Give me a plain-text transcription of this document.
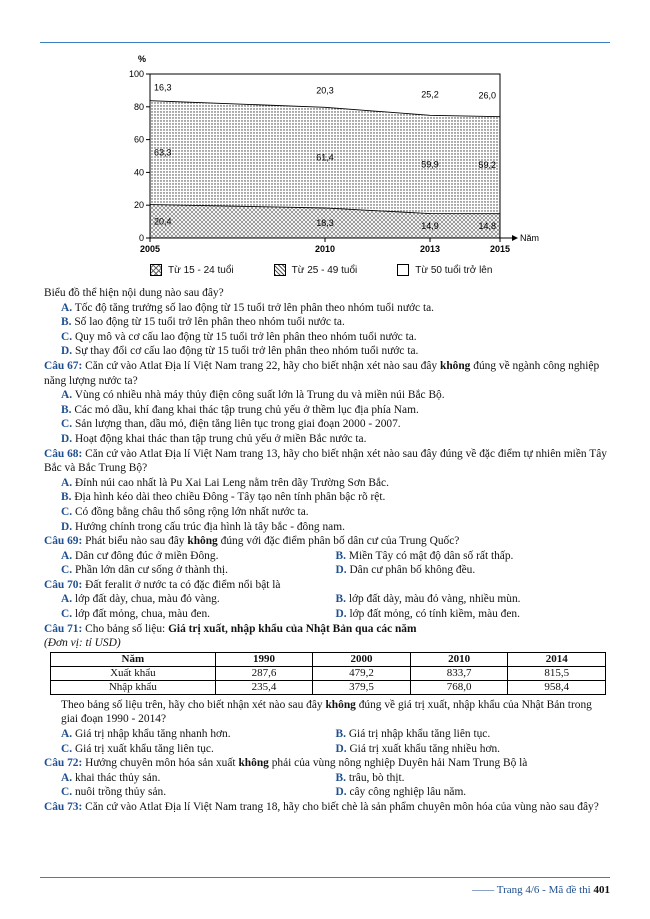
0
20
40
60
80
100
%
Năm
2005	2010	2013	2015
20,4
63,3
16,3
18,3
61,4
20,3
14,9
59,9
25,2
14,8
59,2
26,0
Từ 15 - 24 tuổi	Từ 25 - 49 tuổi	Từ 50 tuổi trở lên

Biểu đồ thể hiện nội dung nào sau đây?

A. Tốc độ tăng trưởng số lao động từ 15 tuổi trở lên phân theo nhóm tuổi nước ta.

B. Số lao động từ 15 tuổi trở lên phân theo nhóm tuổi nước ta.

C. Quy mô và cơ cấu lao động từ 15 tuổi trở lên phân theo nhóm tuổi nước ta.

D. Sự thay đổi cơ cấu lao động từ 15 tuổi trở lên phân theo nhóm tuổi nước ta.

Câu 67: Căn cứ vào Atlat Địa lí Việt Nam trang 22, hãy cho biết nhận xét nào sau đây không đúng về ngành công nghiệp năng lượng nước ta?

A. Vùng có nhiều nhà máy thủy điện công suất lớn là Trung du và miền núi Bắc Bộ.

B. Các mỏ dầu, khí đang khai thác tập trung chủ yếu ở thềm lục địa phía Nam.

C. Sản lượng than, dầu mỏ, điện tăng liên tục trong giai đoạn 2000 - 2007.

D. Hoạt động khai thác than tập trung chủ yếu ở miền Bắc nước ta.

Câu 68: Căn cứ vào Atlat Địa lí Việt Nam trang 13, hãy cho biết nhận xét nào sau đây đúng về đặc điểm tự nhiên miền Tây Bắc và Bắc Trung Bộ?

A. Đỉnh núi cao nhất là Pu Xai Lai Leng nằm trên dãy Trường Sơn Bắc.

B. Địa hình kéo dài theo chiều Đông - Tây tạo nên tính phân bậc rõ rệt.

C. Có đồng bằng châu thổ sông rộng lớn nhất nước ta.

D. Hướng chính trong cấu trúc địa hình là tây bắc - đông nam.

Câu 69: Phát biểu nào sau đây không đúng với đặc điểm phân bố dân cư của Trung Quốc?

A. Dân cư đông đúc ở miền Đông.	B. Miền Tây có mật độ dân số rất thấp.
C. Phần lớn dân cư sống ở thành thị.	D. Dân cư phân bố không đều.

Câu 70: Đất feralit ở nước ta có đặc điểm nổi bật là

A. lớp đất dày, chua, màu đỏ vàng.	B. lớp đất dày, màu đỏ vàng, nhiều mùn.
C. lớp đất mỏng, chua, màu đen.	D. lớp đất mỏng, có tính kiềm, màu đen.

Câu 71: Cho bảng số liệu: Giá trị xuất, nhập khẩu của Nhật Bản qua các năm

(Đơn vị: tỉ USD)

Năm	1990	2000	2010	2014
Xuất khẩu	287,6	479,2	833,7	815,5
Nhập khẩu	235,4	379,5	768,0	958,4

Theo bảng số liệu trên, hãy cho biết nhận xét nào sau đây không đúng về giá trị xuất, nhập khẩu của Nhật Bản trong giai đoạn 1990 - 2014?

A. Giá trị nhập khẩu tăng nhanh hơn.	B. Giá trị nhập khẩu tăng liên tục.
C. Giá trị xuất khẩu tăng liên tục.	D. Giá trị xuất khẩu tăng nhiều hơn.

Câu 72: Hướng chuyên môn hóa sản xuất không phải của vùng nông nghiệp Duyên hải Nam Trung Bộ là

A. khai thác thủy sản.	B. trâu, bò thịt.
C. nuôi trồng thủy sản.	D. cây công nghiệp lâu năm.

Câu 73: Căn cứ vào Atlat Địa lí Việt Nam trang 18, hãy cho biết chè là sản phẩm chuyên môn hóa của vùng nào sau đây?

—— Trang 4/6 - Mã đề thi 401
